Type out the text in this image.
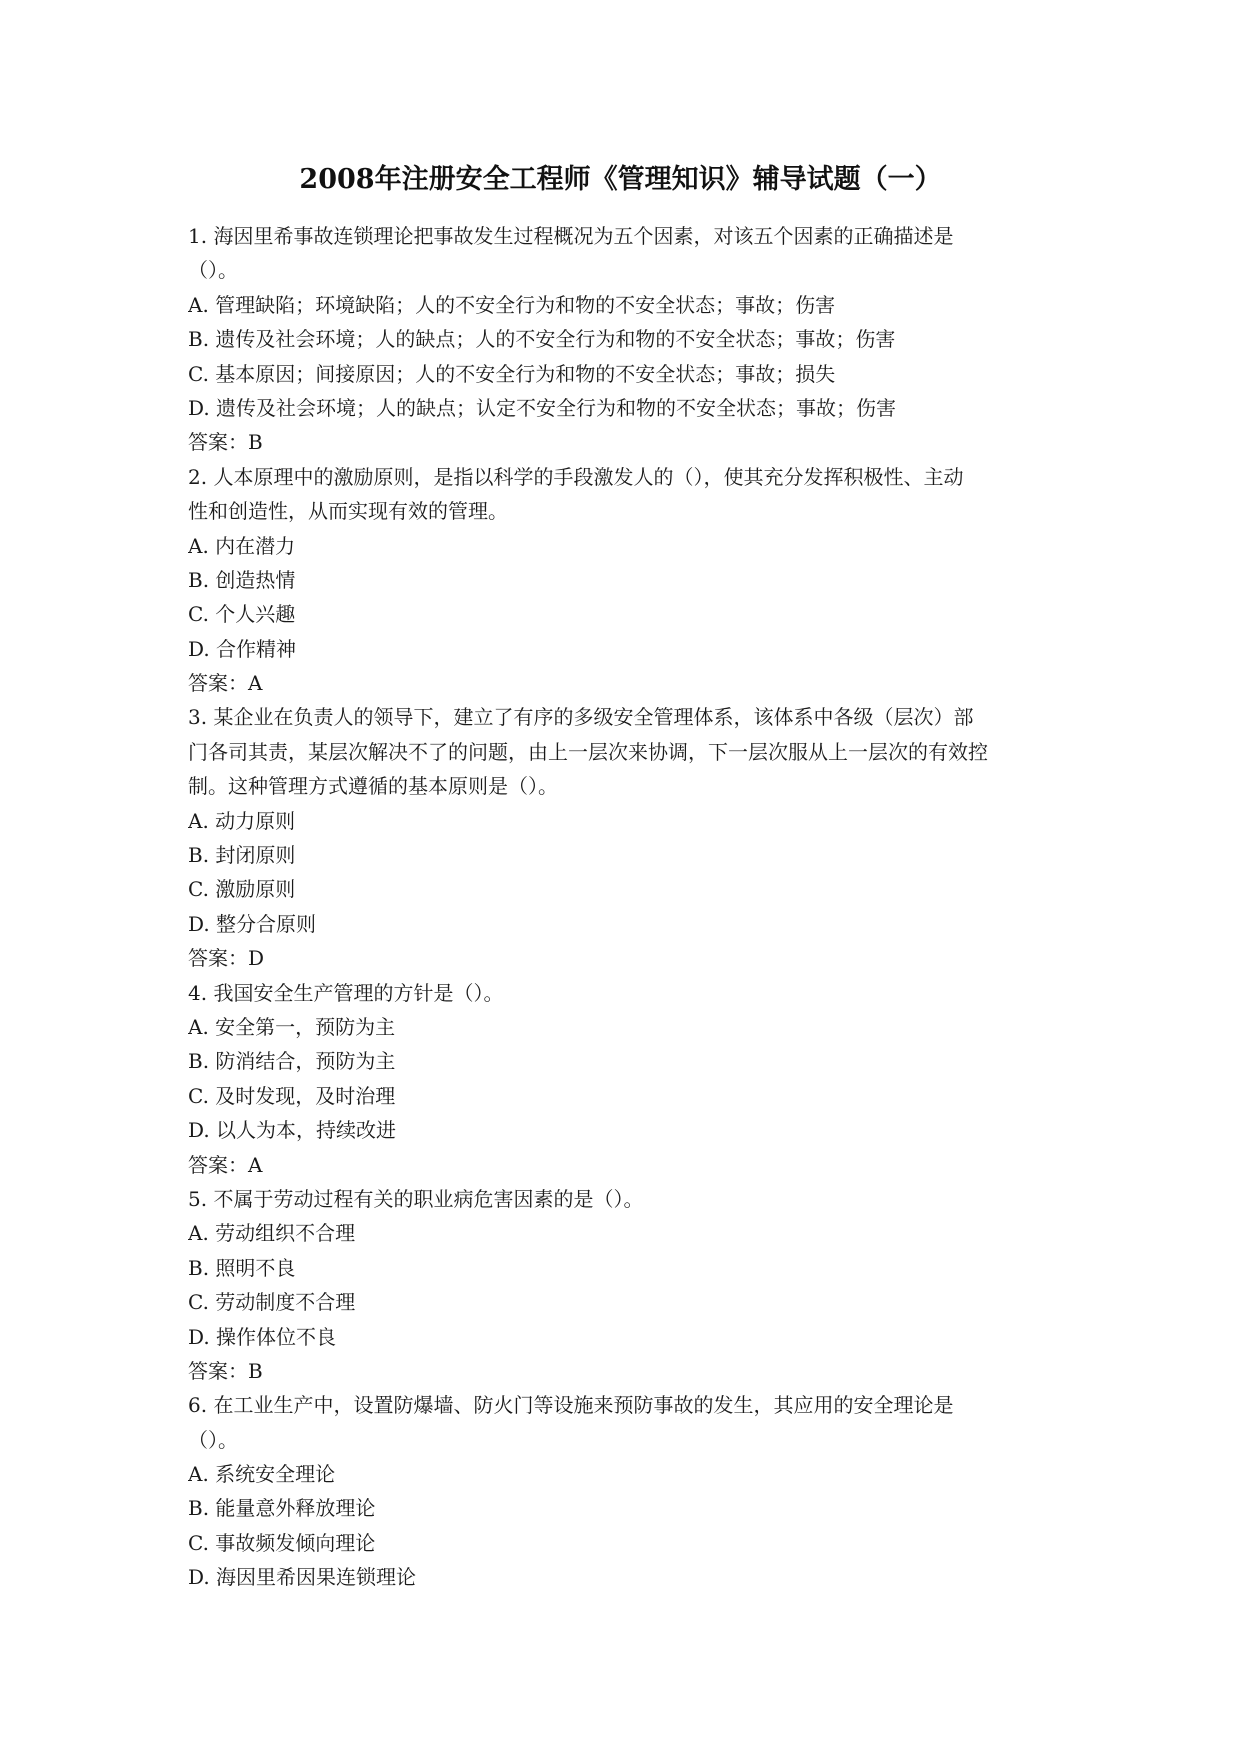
2008年注册安全工程师《管理知识》辅导试题（一）
1. 海因里希事故连锁理论把事故发生过程概况为五个因素，对该五个因素的正确描述是
（）。
A. 管理缺陷；环境缺陷；人的不安全行为和物的不安全状态；事故；伤害
B. 遗传及社会环境；人的缺点；人的不安全行为和物的不安全状态；事故；伤害
C. 基本原因；间接原因；人的不安全行为和物的不安全状态；事故；损失
D. 遗传及社会环境；人的缺点；认定不安全行为和物的不安全状态；事故；伤害
答案：B
2. 人本原理中的激励原则，是指以科学的手段激发人的（），使其充分发挥积极性、主动
性和创造性，从而实现有效的管理。
A. 内在潜力
B. 创造热情
C. 个人兴趣
D. 合作精神
答案：A
3. 某企业在负责人的领导下，建立了有序的多级安全管理体系，该体系中各级（层次）部
门各司其责，某层次解决不了的问题，由上一层次来协调，下一层次服从上一层次的有效控
制。这种管理方式遵循的基本原则是（）。
A. 动力原则
B. 封闭原则
C. 激励原则
D. 整分合原则
答案：D
4. 我国安全生产管理的方针是（）。
A. 安全第一，预防为主
B. 防消结合，预防为主
C. 及时发现，及时治理
D. 以人为本，持续改进
答案：A
5. 不属于劳动过程有关的职业病危害因素的是（）。
A. 劳动组织不合理
B. 照明不良
C. 劳动制度不合理
D. 操作体位不良
答案：B
6. 在工业生产中，设置防爆墙、防火门等设施来预防事故的发生，其应用的安全理论是
（）。
A. 系统安全理论
B. 能量意外释放理论
C. 事故频发倾向理论
D. 海因里希因果连锁理论
